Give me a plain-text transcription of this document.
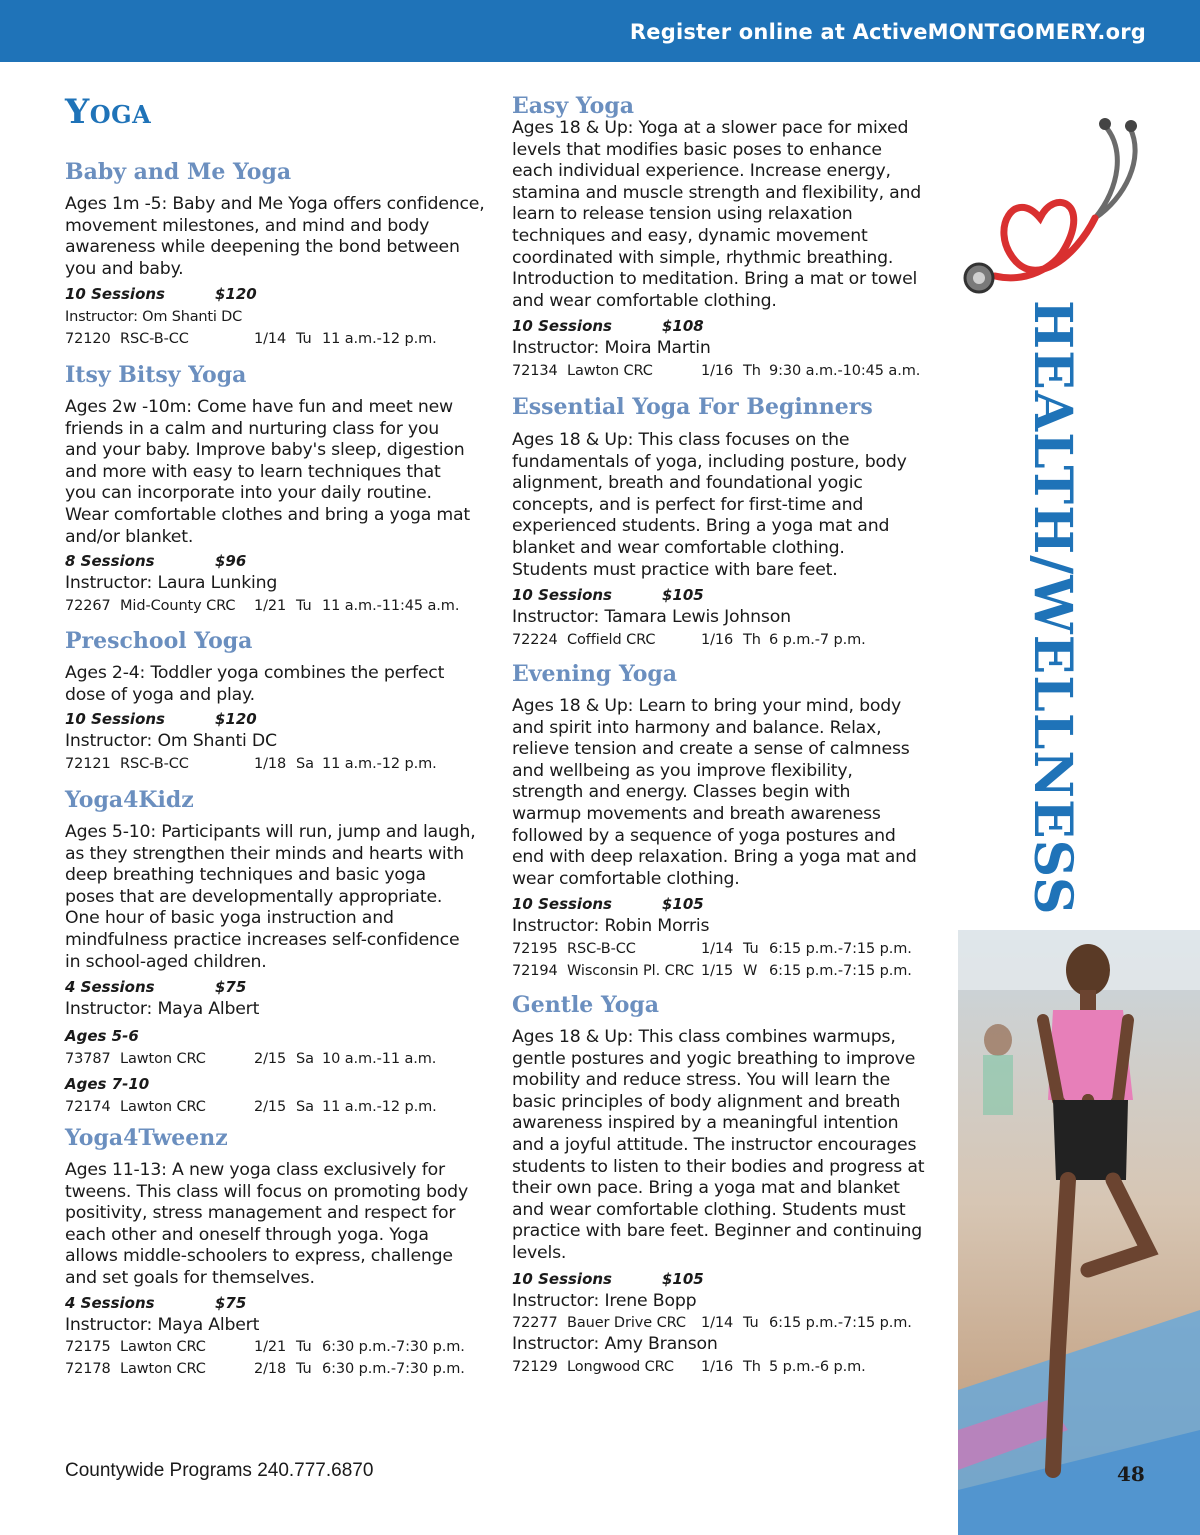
Register online at ActiveMONTGOMERY.org
Yoga
Baby and Me Yoga
Ages 1m -5: Baby and Me Yoga offers confidence, movement milestones, and mind and body awareness while deepening the bond between you and baby.
10 Sessions	$120
Instructor: Om Shanti DC
72120 RSC-B-CC	1/14 Tu 11 a.m.-12 p.m.
Itsy Bitsy Yoga
Ages 2w -10m: Come have fun and meet new friends in a calm and nurturing class for you and your baby. Improve baby's sleep, digestion and more with easy to learn techniques that you can incorporate into your daily routine. Wear comfortable clothes and bring a yoga mat and/or blanket.
8 Sessions	$96
Instructor: Laura Lunking
72267 Mid-County CRC 1/21 Tu 11 a.m.-11:45 a.m.
Preschool Yoga
Ages 2-4: Toddler yoga combines the perfect dose of yoga and play.
10 Sessions	$120
Instructor: Om Shanti DC
72121 RSC-B-CC	1/18 Sa 11 a.m.-12 p.m.
Yoga4Kidz
Ages 5-10: Participants will run, jump and laugh, as they strengthen their minds and hearts with deep breathing techniques and basic yoga poses that are developmentally appropriate. One hour of basic yoga instruction and mindfulness practice increases self-confidence in school-aged children.
4 Sessions	$75
Instructor: Maya Albert
Ages 5-6
73787 Lawton CRC	2/15 Sa 10 a.m.-11 a.m.
Ages 7-10
72174 Lawton CRC	2/15 Sa 11 a.m.-12 p.m.
Yoga4Tweenz
Ages 11-13: A new yoga class exclusively for tweens. This class will focus on promoting body positivity, stress management and respect for each other and oneself through yoga. Yoga allows middle-schoolers to express, challenge and set goals for themselves.
4 Sessions	$75
Instructor: Maya Albert
72175 Lawton CRC	1/21 Tu 6:30 p.m.-7:30 p.m.
72178 Lawton CRC	2/18 Tu 6:30 p.m.-7:30 p.m.
Easy Yoga
Ages 18 & Up: Yoga at a slower pace for mixed levels that modifies basic poses to enhance each individual experience. Increase energy, stamina and muscle strength and flexibility, and learn to release tension using relaxation techniques and easy, dynamic movement coordinated with simple, rhythmic breathing. Introduction to meditation. Bring a mat or towel and wear comfortable clothing.
10 Sessions	$108
Instructor: Moira Martin
72134 Lawton CRC	1/16 Th 9:30 a.m.-10:45 a.m.
Essential Yoga For Beginners
Ages 18 & Up: This class focuses on the fundamentals of yoga, including posture, body alignment, breath and foundational yogic concepts, and is perfect for first-time and experienced students. Bring a yoga mat and blanket and wear comfortable clothing. Students must practice with bare feet.
10 Sessions	$105
Instructor: Tamara Lewis Johnson
72224 Coffield CRC	1/16 Th 6 p.m.-7 p.m.
Evening Yoga
Ages 18 & Up: Learn to bring your mind, body and spirit into harmony and balance. Relax, relieve tension and create a sense of calmness and wellbeing as you improve flexibility, strength and energy. Classes begin with warmup movements and breath awareness followed by a sequence of yoga postures and end with deep relaxation. Bring a yoga mat and wear comfortable clothing.
10 Sessions	$105
Instructor: Robin Morris
72195 RSC-B-CC	1/14 Tu 6:15 p.m.-7:15 p.m.
72194 Wisconsin Pl. CRC 1/15 W 6:15 p.m.-7:15 p.m.
Gentle Yoga
Ages 18 & Up: This class combines warmups, gentle postures and yogic breathing to improve mobility and reduce stress. You will learn the basic principles of body alignment and breath awareness inspired by a meaningful intention and a joyful attitude. The instructor encourages students to listen to their bodies and progress at their own pace. Bring a yoga mat and blanket and wear comfortable clothing. Students must practice with bare feet. Beginner and continuing levels.
10 Sessions	$105
Instructor: Irene Bopp
72277 Bauer Drive CRC 1/14 Tu 6:15 p.m.-7:15 p.m.
Instructor: Amy Branson
72129 Longwood CRC 1/16 Th 5 p.m.-6 p.m.
Countywide Programs 240.777.6870
HEALTH/WELLNESS
48
